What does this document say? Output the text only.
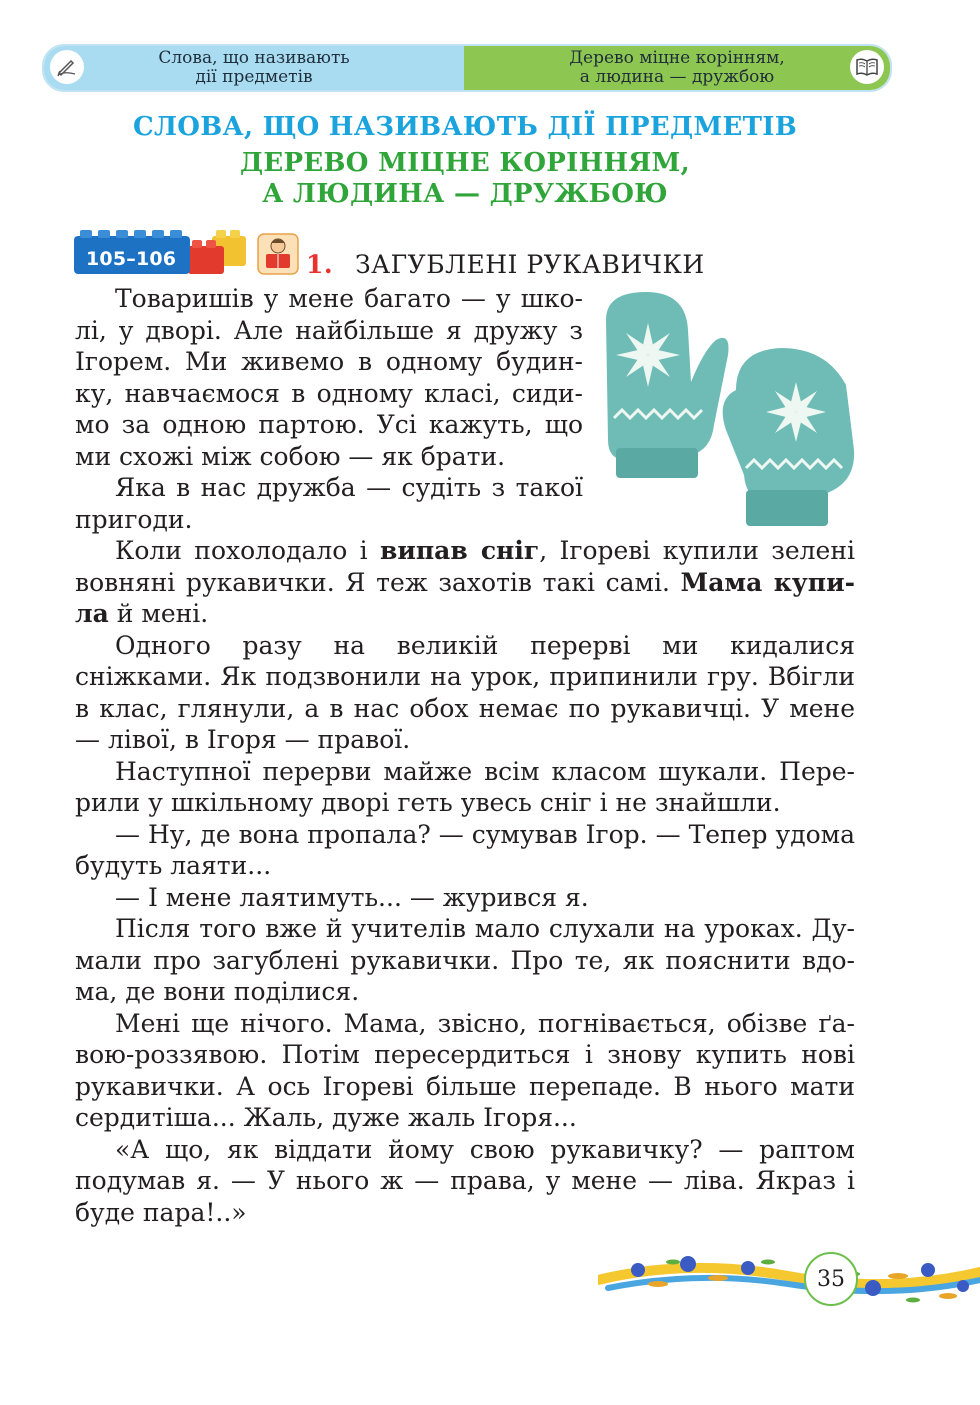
Слова, що називають
дії предметів
Дерево міцне корінням,
а людина — дружбою
СЛОВА, ЩО НАЗИВАЮТЬ ДІЇ ПРЕДМЕТІВ
ДЕРЕВО МІЦНЕ КОРІННЯМ,
А ЛЮДИНА — ДРУЖБОЮ
105–106	1. ЗАГУБЛЕНІ РУКАВИЧКИ

Товаришів у мене багато — у школі, у дворі. Але найбільше я дружу з Ігорем. Ми живемо в одному будинку, навчаємося в одному класі, сидимо за одною партою. Усі кажуть, що ми схожі між собою — як брати.

Яка в нас дружба — судіть з такої пригоди.

Коли похолодало і випав сніг, Ігореві купили зелені вовняні рукавички. Я теж захотів такі самі. Мама купила й мені.

Одного разу на великій перерві ми кидалися сніжками. Як подзвонили на урок, припинили гру. Вбігли в клас, глянули, а в нас обох немає по рукавичці. У мене — лівої, в Ігоря — правої.

Наступної перерви майже всім класом шукали. Перерили у шкільному дворі геть увесь сніг і не знайшли.

— Ну, де вона пропала? — сумував Ігор. — Тепер удома будуть лаяти...

— І мене лаятимуть... — журився я.

Після того вже й учителів мало слухали на уроках. Думали про загублені рукавички. Про те, як пояснити вдома, де вони поділися.

Мені ще нічого. Мама, звісно, погнівається, обізве ґавою-роззявою. Потім пересердиться і знову купить нові рукавички. А ось Ігореві більше перепаде. В нього мати сердитіша... Жаль, дуже жаль Ігоря...

«А що, як віддати йому свою рукавичку? — раптом подумав я. — У нього ж — права, у мене — ліва. Якраз і буде пара!..»

35
